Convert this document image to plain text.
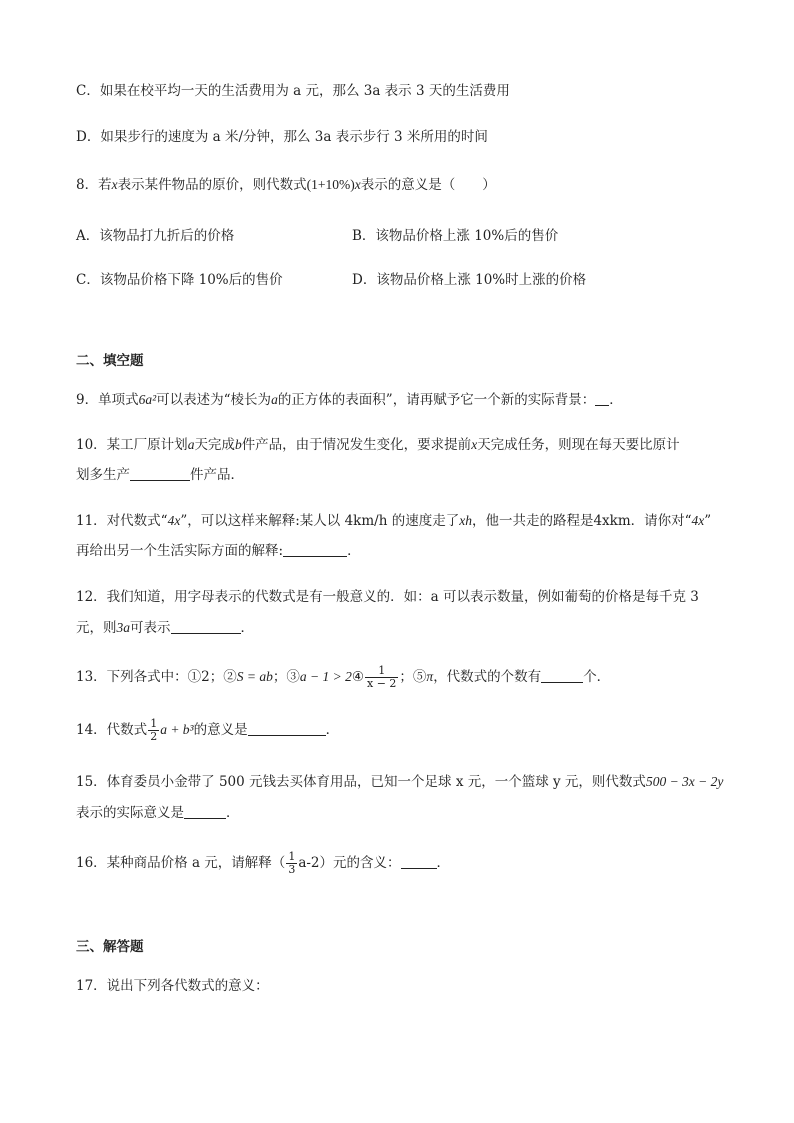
C．如果在校平均一天的生活费用为 a 元，那么 3a 表示 3 天的生活费用
D．如果步行的速度为 a 米/分钟，那么 3a 表示步行 3 米所用的时间
8．若x表示某件物品的原价，则代数式(1+10%)x表示的意义是（　　）
A．该物品打九折后的价格	B．该物品价格上涨 10%后的售价
C．该物品价格下降 10%后的售价	D．该物品价格上涨 10%时上涨的价格
二、填空题
9．单项式6a²可以表述为“棱长为a的正方体的表面积”，请再赋予它一个新的实际背景： ．
10．某工厂原计划a天完成b件产品，由于情况发生变化，要求提前x天完成任务，则现在每天要比原计
划多生产	件产品．
11．对代数式“4x”，可以这样来解释:某人以 4km/h 的速度走了xh，他一共走的路程是4xkm．请你对“4x”
再给出另一个生活实际方面的解释:	．
12．我们知道，用字母表示的代数式是有一般意义的．如：a 可以表示数量，例如葡萄的价格是每千克 3
元，则3a可表示	．
13．下列各式中：①2；②S = ab；③a − 1 > 2④ $\frac{1}{x - 2}$ ；⑤π，代数式的个数有	个．
14．代数式 $\frac{1}{2}$ a + b³的意义是	．
15．体育委员小金带了 500 元钱去买体育用品，已知一个足球 x 元，一个篮球 y 元，则代数式500 − 3x − 2y
表示的实际意义是	．
16．某种商品价格 a 元，请解释（ $\frac{1}{3} a-2$）元的含义：	．
三、解答题
17．说出下列各代数式的意义：
